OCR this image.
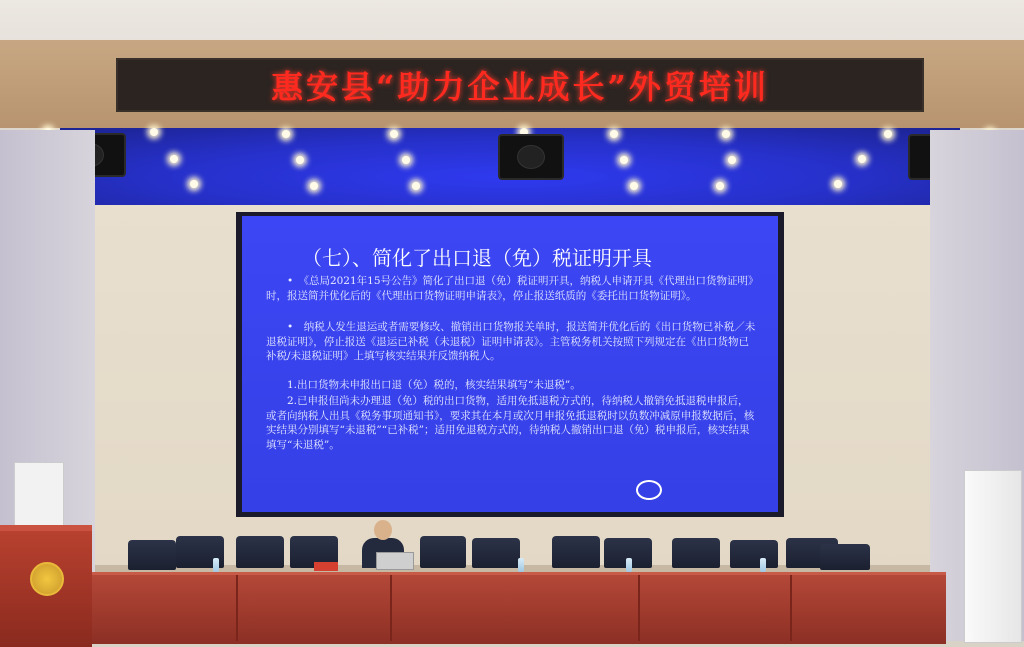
惠安县“助力企业成长”外贸培训
（七）、简化了出口退（免）税证明开具
•　《总局2021年15号公告》简化了出口退（免）税证明开具，纳税人申请开具《代理出口货物证明》时，报送简并优化后的《代理出口货物证明申请表》，停止报送纸质的《委托出口货物证明》。
•　纳税人发生退运或者需要修改、撤销出口货物报关单时，报送简并优化后的《出口货物已补税／未退税证明》，停止报送《退运已补税（未退税）证明申请表》。主管税务机关按照下列规定在《出口货物已补税/未退税证明》上填写核实结果并反馈纳税人。
1.出口货物未申报出口退（免）税的，核实结果填写“未退税”。
2.已申报但尚未办理退（免）税的出口货物，适用免抵退税方式的，待纳税人撤销免抵退税申报后，或者向纳税人出具《税务事项通知书》，要求其在本月或次月申报免抵退税时以负数冲减原申报数据后，核实结果分别填写“未退税”“已补税”；适用免退税方式的，待纳税人撤销出口退（免）税申报后，核实结果填写“未退税”。
